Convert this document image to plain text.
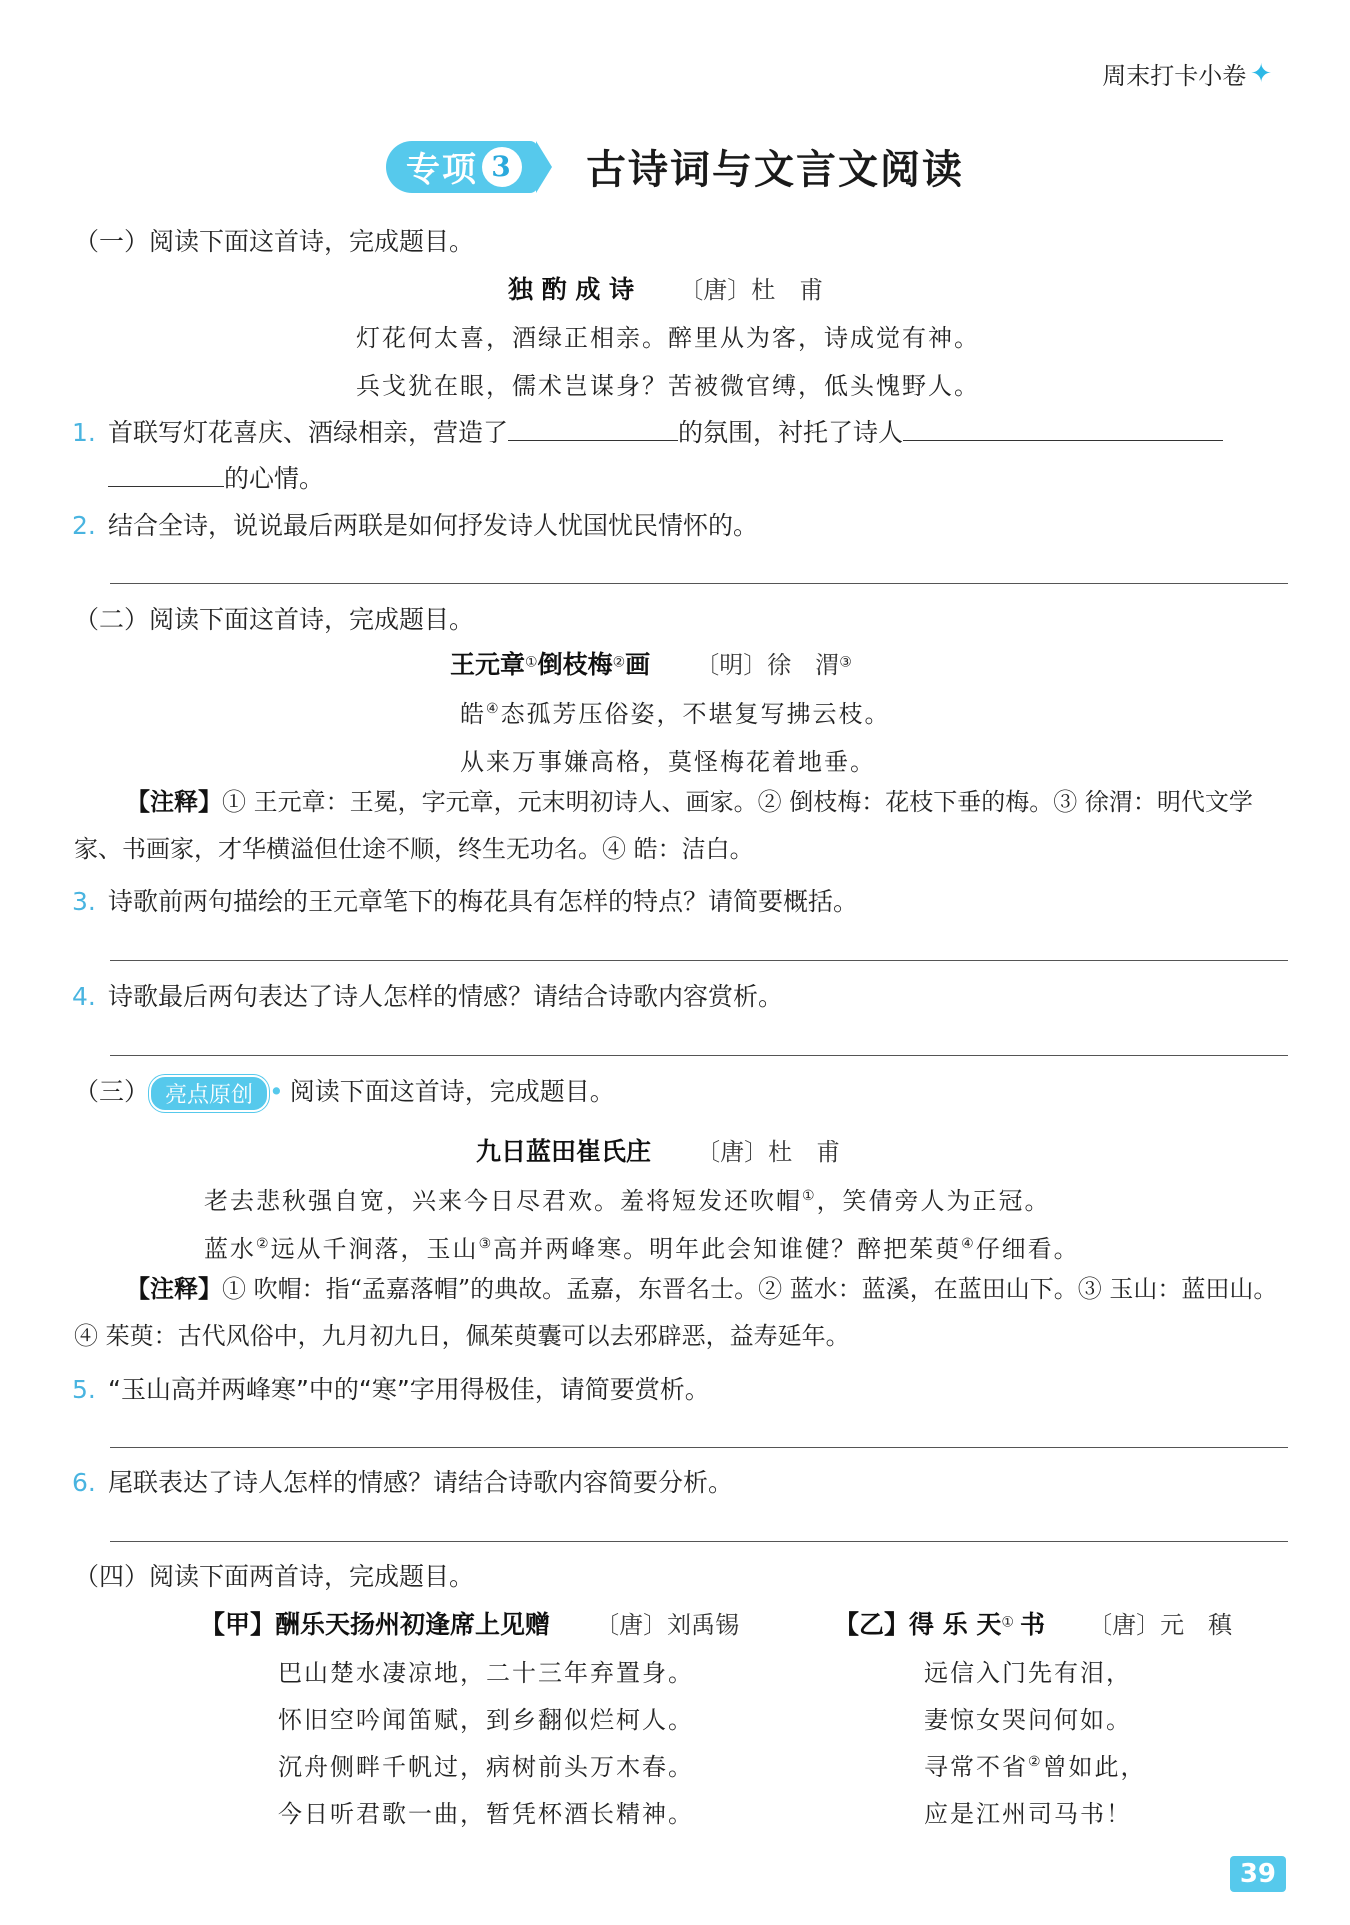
周末打卡小卷 ✦
专项 3 古诗词与文言文阅读
（一）阅读下面这首诗，完成题目。
独 酌 成 诗 〔唐〕杜　甫
灯花何太喜，酒绿正相亲。醉里从为客，诗成觉有神。
兵戈犹在眼，儒术岂谋身？苦被微官缚，低头愧野人。
1. 首联写灯花喜庆、酒绿相亲，营造了	的氛围，衬托了诗人
的心情。
2. 结合全诗，说说最后两联是如何抒发诗人忧国忧民情怀的。
（二）阅读下面这首诗，完成题目。
王元章①倒枝梅②画 〔明〕徐　渭③
皓④态孤芳压俗姿，不堪复写拂云枝。
从来万事嫌高格，莫怪梅花着地垂。
【注释】① 王元章：王冕，字元章，元末明初诗人、画家。② 倒枝梅：花枝下垂的梅。③ 徐渭：明代文学家、书画家，才华横溢但仕途不顺，终生无功名。④ 皓：洁白。
3. 诗歌前两句描绘的王元章笔下的梅花具有怎样的特点？请简要概括。
4. 诗歌最后两句表达了诗人怎样的情感？请结合诗歌内容赏析。
（三） 亮点原创 • 阅读下面这首诗，完成题目。
九日蓝田崔氏庄 〔唐〕杜　甫
老去悲秋强自宽，兴来今日尽君欢。羞将短发还吹帽①，笑倩旁人为正冠。
蓝水②远从千涧落，玉山③高并两峰寒。明年此会知谁健？醉把茱萸④仔细看。
【注释】① 吹帽：指“孟嘉落帽”的典故。孟嘉，东晋名士。② 蓝水：蓝溪，在蓝田山下。③ 玉山：蓝田山。④ 茱萸：古代风俗中，九月初九日，佩茱萸囊可以去邪辟恶，益寿延年。
5. “玉山高并两峰寒”中的“寒”字用得极佳，请简要赏析。
6. 尾联表达了诗人怎样的情感？请结合诗歌内容简要分析。
（四）阅读下面两首诗，完成题目。
【甲】酬乐天扬州初逢席上见赠 〔唐〕刘禹锡
巴山楚水凄凉地，二十三年弃置身。
怀旧空吟闻笛赋，到乡翻似烂柯人。
沉舟侧畔千帆过，病树前头万木春。
今日听君歌一曲，暂凭杯酒长精神。
【乙】得 乐 天① 书 〔唐〕元　稹
远信入门先有泪，
妻惊女哭问何如。
寻常不省②曾如此，
应是江州司马书！
39
